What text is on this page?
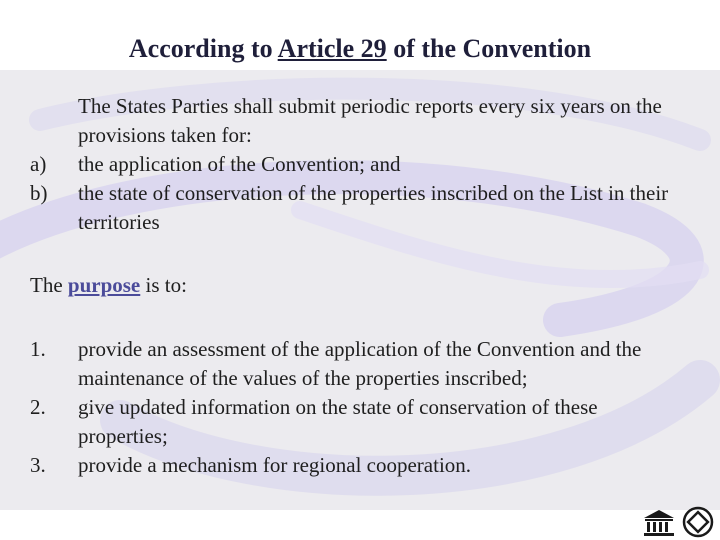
According to Article 29 of the Convention
The States Parties shall submit periodic reports every six years on the provisions taken for:
a)	the application of the Convention; and
b)	the state of conservation of the properties inscribed on the List in their territories
The purpose is to:
1.	provide an assessment of the application of the Convention and the maintenance of the values of the properties inscribed;
2.	give updated information on the state of conservation of these properties;
3.	provide a mechanism for regional cooperation.
